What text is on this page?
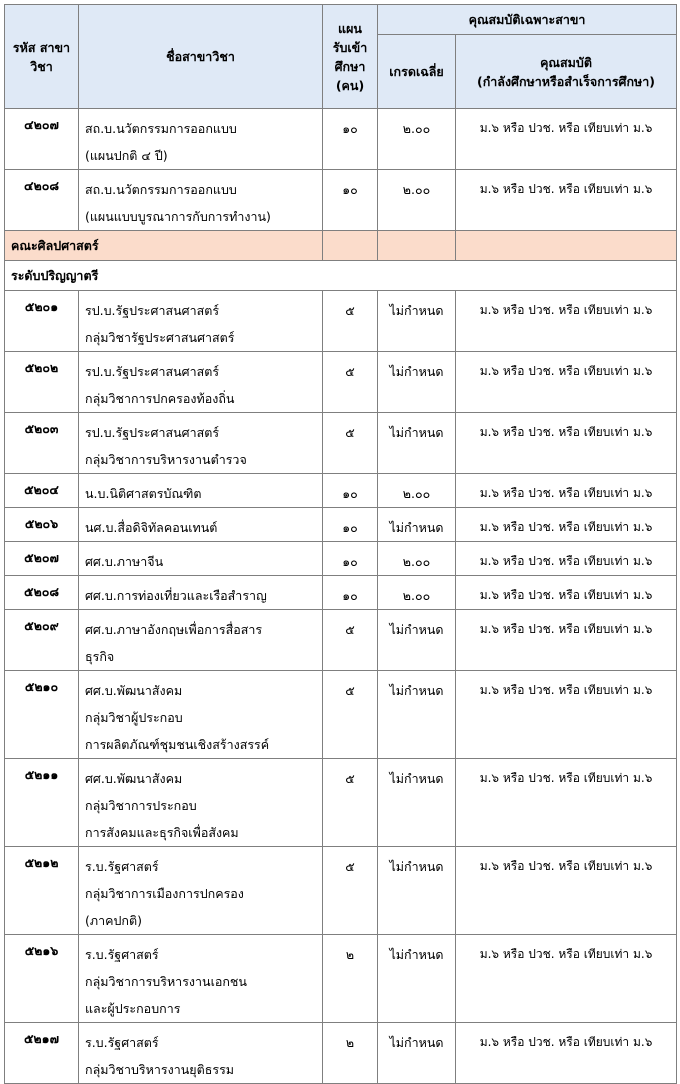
รหัส สาขาวิชา	ชื่อสาขาวิชา	แผน รับเข้า ศึกษา (คน)	คุณสมบัติเฉพาะสาขา	
			เกรดเฉลี่ย	คุณสมบัติ
(กำลังศึกษาหรือสำเร็จการศึกษา)

๔๒๐๗	สถ.บ.นวัตกรรมการออกแบบ
(แผนปกติ ๔ ปี)	๑๐	๒.๐๐	ม.๖ หรือ ปวช. หรือ เทียบเท่า ม.๖
๔๒๐๘	สถ.บ.นวัตกรรมการออกแบบ
(แผนแบบบูรณาการกับการทำงาน)	๑๐	๒.๐๐	ม.๖ หรือ ปวช. หรือ เทียบเท่า ม.๖
คณะศิลปศาสตร์				
ระดับปริญญาตรี				
๕๒๐๑	รป.บ.รัฐประศาสนศาสตร์
กลุ่มวิชารัฐประศาสนศาสตร์	๕	ไม่กำหนด	ม.๖ หรือ ปวช. หรือ เทียบเท่า ม.๖
๕๒๐๒	รป.บ.รัฐประศาสนศาสตร์
กลุ่มวิชาการปกครองท้องถิ่น	๕	ไม่กำหนด	ม.๖ หรือ ปวช. หรือ เทียบเท่า ม.๖
๕๒๐๓	รป.บ.รัฐประศาสนศาสตร์
กลุ่มวิชาการบริหารงานตำรวจ	๕	ไม่กำหนด	ม.๖ หรือ ปวช. หรือ เทียบเท่า ม.๖
๕๒๐๔	น.บ.นิติศาสตรบัณฑิต	๑๐	๒.๐๐	ม.๖ หรือ ปวช. หรือ เทียบเท่า ม.๖
๕๒๐๖	นศ.บ.สื่อดิจิทัลคอนเทนต์	๑๐	ไม่กำหนด	ม.๖ หรือ ปวช. หรือ เทียบเท่า ม.๖
๕๒๐๗	ศศ.บ.ภาษาจีน	๑๐	๒.๐๐	ม.๖ หรือ ปวช. หรือ เทียบเท่า ม.๖
๕๒๐๘	ศศ.บ.การท่องเที่ยวและเรือสำราญ	๑๐	๒.๐๐	ม.๖ หรือ ปวช. หรือ เทียบเท่า ม.๖
๕๒๐๙	ศศ.บ.ภาษาอังกฤษเพื่อการสื่อสาร
ธุรกิจ	๕	ไม่กำหนด	ม.๖ หรือ ปวช. หรือ เทียบเท่า ม.๖
๕๒๑๐	ศศ.บ.พัฒนาสังคม
กลุ่มวิชาผู้ประกอบ
การผลิตภัณฑ์ชุมชนเชิงสร้างสรรค์	๕	ไม่กำหนด	ม.๖ หรือ ปวช. หรือ เทียบเท่า ม.๖
๕๒๑๑	ศศ.บ.พัฒนาสังคม
กลุ่มวิชาการประกอบ
การสังคมและธุรกิจเพื่อสังคม	๕	ไม่กำหนด	ม.๖ หรือ ปวช. หรือ เทียบเท่า ม.๖
๕๒๑๒	ร.บ.รัฐศาสตร์
กลุ่มวิชาการเมืองการปกครอง
(ภาคปกติ)	๕	ไม่กำหนด	ม.๖ หรือ ปวช. หรือ เทียบเท่า ม.๖
๕๒๑๖	ร.บ.รัฐศาสตร์
กลุ่มวิชาการบริหารงานเอกชน
และผู้ประกอบการ	๒	ไม่กำหนด	ม.๖ หรือ ปวช. หรือ เทียบเท่า ม.๖
๕๒๑๗	ร.บ.รัฐศาสตร์
กลุ่มวิชาบริหารงานยุติธรรม	๒	ไม่กำหนด	ม.๖ หรือ ปวช. หรือ เทียบเท่า ม.๖
